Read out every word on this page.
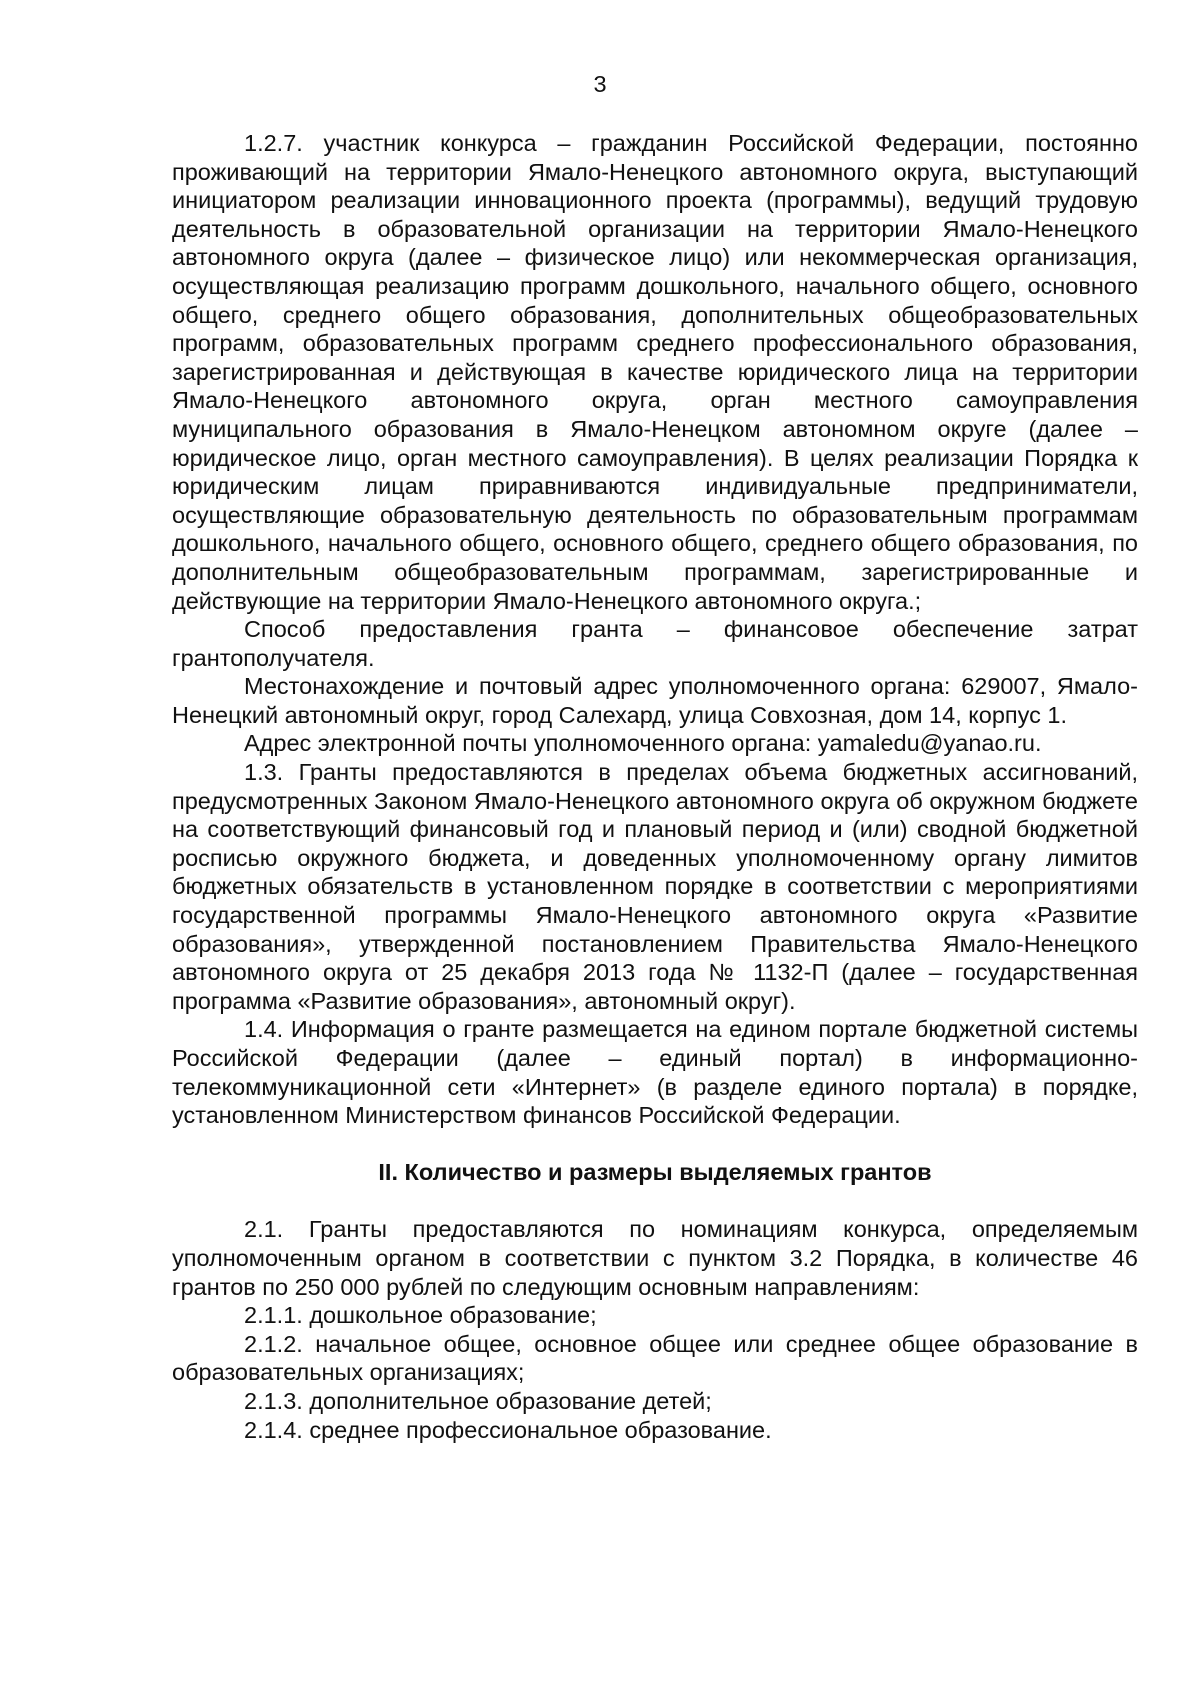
3

1.2.7. участник конкурса – гражданин Российской Федерации, постоянно проживающий на территории Ямало-Ненецкого автономного округа, выступающий инициатором реализации инновационного проекта (программы), ведущий трудовую деятельность в образовательной организации на территории Ямало-Ненецкого автономного округа (далее – физическое лицо) или некоммерческая организация, осуществляющая реализацию программ дошкольного, начального общего, основного общего, среднего общего образования, дополнительных общеобразовательных программ, образовательных программ среднего профессионального образования, зарегистрированная и действующая в качестве юридического лица на территории Ямало-Ненецкого автономного округа, орган местного самоуправления муниципального образования в Ямало-Ненецком автономном округе (далее – юридическое лицо, орган местного самоуправления). В целях реализации Порядка к юридическим лицам приравниваются индивидуальные предприниматели, осуществляющие образовательную деятельность по образовательным программам дошкольного, начального общего, основного общего, среднего общего образования, по дополнительным общеобразовательным программам, зарегистрированные и действующие на территории Ямало-Ненецкого автономного округа.;

Способ предоставления гранта – финансовое обеспечение затрат грантополучателя.

Местонахождение и почтовый адрес уполномоченного органа: 629007, Ямало-Ненецкий автономный округ, город Салехард, улица Совхозная, дом 14, корпус 1.

Адрес электронной почты уполномоченного органа: yamaledu@yanao.ru.

1.3. Гранты предоставляются в пределах объема бюджетных ассигнований, предусмотренных Законом Ямало-Ненецкого автономного округа об окружном бюджете на соответствующий финансовый год и плановый период и (или) сводной бюджетной росписью окружного бюджета, и доведенных уполномоченному органу лимитов бюджетных обязательств в установленном порядке в соответствии с мероприятиями государственной программы Ямало-Ненецкого автономного округа «Развитие образования», утвержденной постановлением Правительства Ямало-Ненецкого автономного округа от 25 декабря 2013 года № 1132-П (далее – государственная программа «Развитие образования», автономный округ).

1.4. Информация о гранте размещается на едином портале бюджетной системы Российской Федерации (далее – единый портал) в информационно-телекоммуникационной сети «Интернет» (в разделе единого портала) в порядке, установленном Министерством финансов Российской Федерации.

II. Количество и размеры выделяемых грантов

2.1. Гранты предоставляются по номинациям конкурса, определяемым уполномоченным органом в соответствии с пунктом 3.2 Порядка, в количестве 46 грантов по 250 000 рублей по следующим основным направлениям:

2.1.1. дошкольное образование;

2.1.2. начальное общее, основное общее или среднее общее образование в образовательных организациях;

2.1.3. дополнительное образование детей;

2.1.4. среднее профессиональное образование.
